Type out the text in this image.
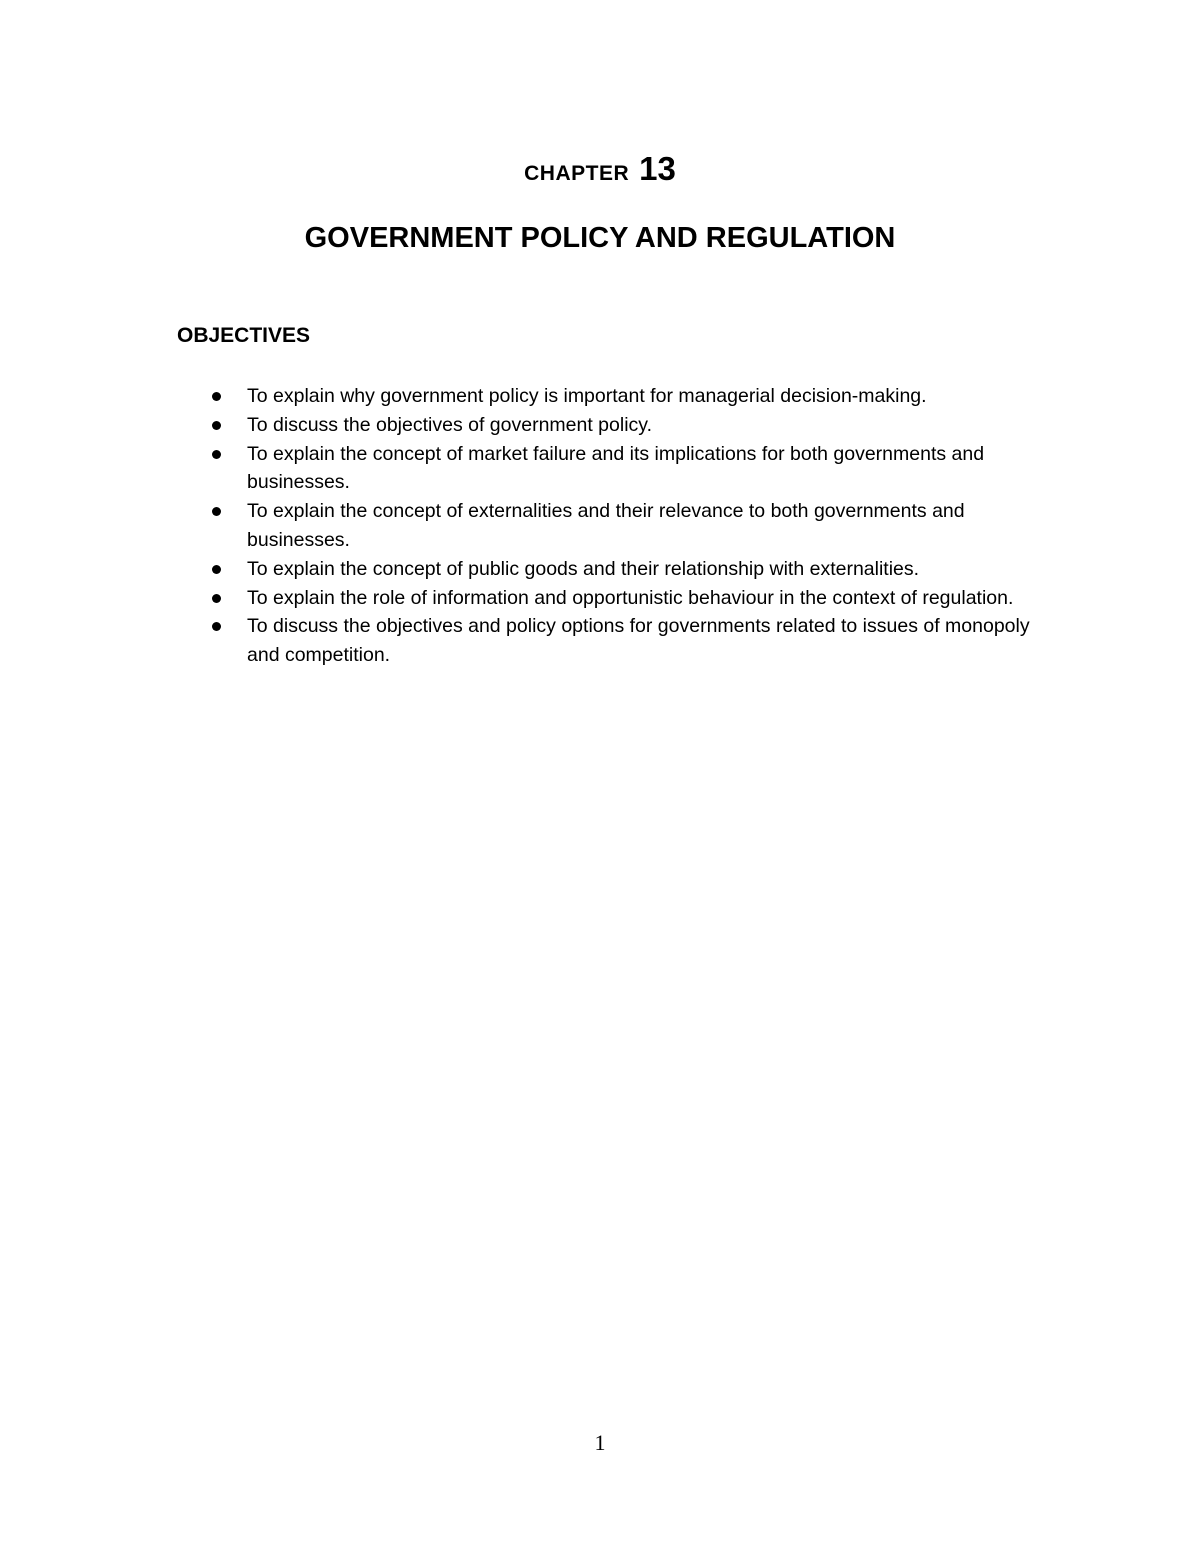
CHAPTER 13
GOVERNMENT POLICY AND REGULATION
OBJECTIVES
To explain why government policy is important for managerial decision-making.
To discuss the objectives of government policy.
To explain the concept of market failure and its implications for both governments and businesses.
To explain the concept of externalities and their relevance to both governments and businesses.
To explain the concept of public goods and their relationship with externalities.
To explain the role of information and opportunistic behaviour in the context of regulation.
To discuss the objectives and policy options for governments related to issues of monopoly and competition.
1
